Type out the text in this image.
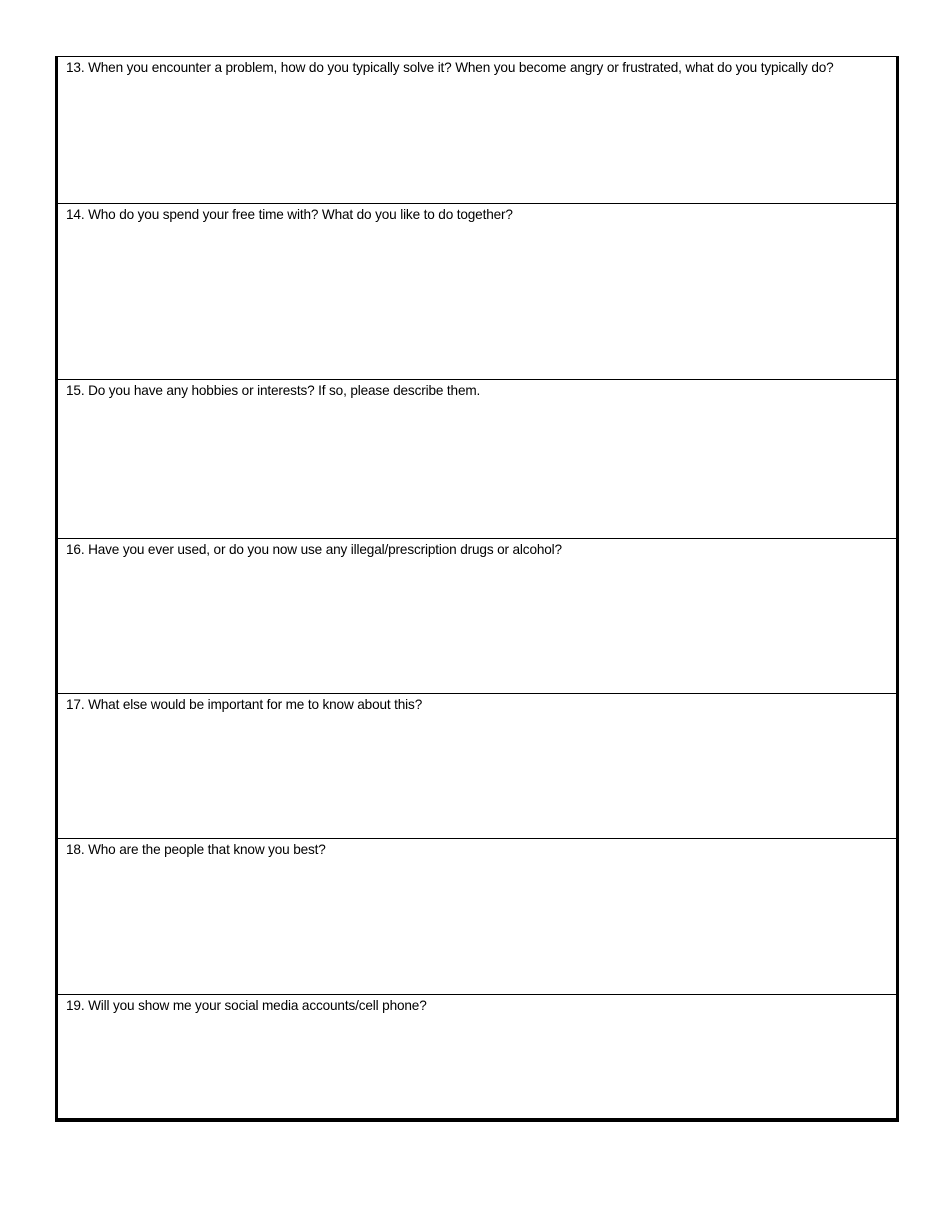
13. When you encounter a problem, how do you typically solve it? When you become angry or frustrated, what do you typically do?

14. Who do you spend your free time with? What do you like to do together?

15. Do you have any hobbies or interests? If so, please describe them.

16. Have you ever used, or do you now use any illegal/prescription drugs or alcohol?

17. What else would be important for me to know about this?

18. Who are the people that know you best?

19. Will you show me your social media accounts/cell phone?
